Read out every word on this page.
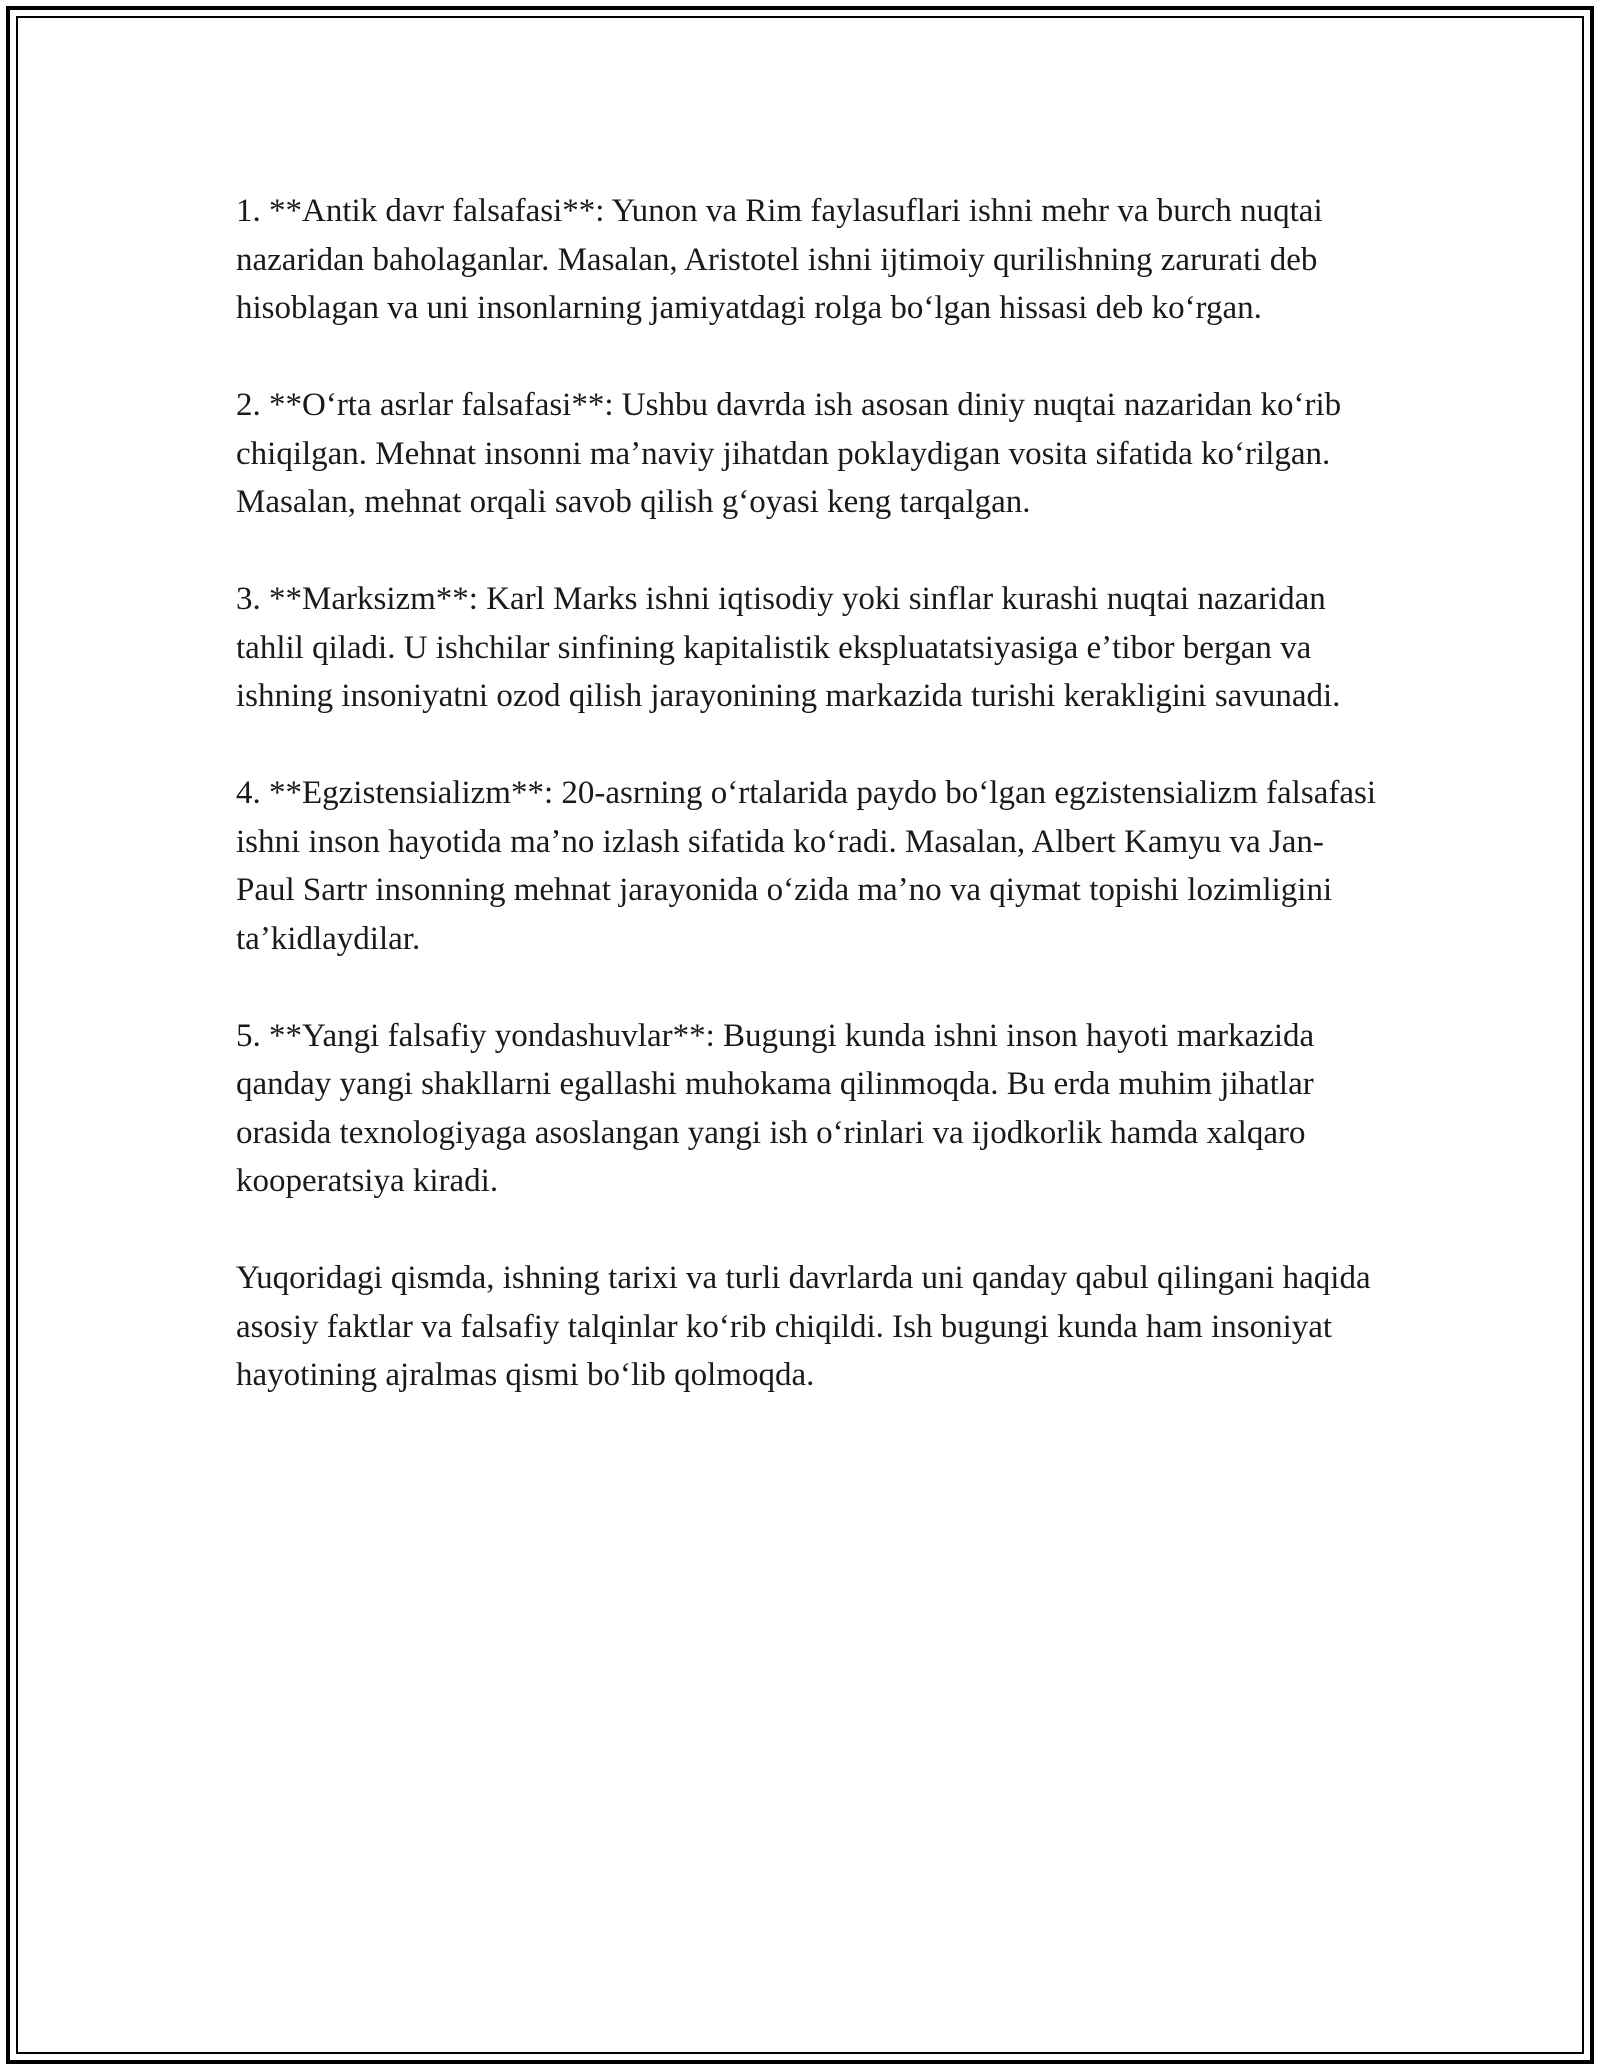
1. **Antik davr falsafasi**: Yunon va Rim faylasuflari ishni mehr va burch nuqtai nazaridan baholaganlar. Masalan, Aristotel ishni ijtimoiy qurilishning zarurati deb hisoblagan va uni insonlarning jamiyatdagi rolga boʻlgan hissasi deb koʻrgan.

2. **Oʻrta asrlar falsafasi**: Ushbu davrda ish asosan diniy nuqtai nazaridan koʻrib chiqilgan. Mehnat insonni maʼnaviy jihatdan poklaydigan vosita sifatida koʻrilgan. Masalan, mehnat orqali savob qilish gʻoyasi keng tarqalgan.

3. **Marksizm**: Karl Marks ishni iqtisodiy yoki sinflar kurashi nuqtai nazaridan tahlil qiladi. U ishchilar sinfining kapitalistik ekspluatatsiyasiga eʼtibor bergan va ishning insoniyatni ozod qilish jarayonining markazida turishi kerakligini savunadi.

4. **Egzistensializm**: 20-asrning oʻrtalarida paydo boʻlgan egzistensializm falsafasi ishni inson hayotida maʼno izlash sifatida koʻradi. Masalan, Albert Kamyu va Jan-Paul Sartr insonning mehnat jarayonida oʻzida maʼno va qiymat topishi lozimligini taʼkidlaydilar.

5. **Yangi falsafiy yondashuvlar**: Bugungi kunda ishni inson hayoti markazida qanday yangi shakllarni egallashi muhokama qilinmoqda. Bu erda muhim jihatlar orasida texnologiyaga asoslangan yangi ish oʻrinlari va ijodkorlik hamda xalqaro kooperatsiya kiradi.

Yuqoridagi qismda, ishning tarixi va turli davrlarda uni qanday qabul qilingani haqida asosiy faktlar va falsafiy talqinlar koʻrib chiqildi. Ish bugungi kunda ham insoniyat hayotining ajralmas qismi boʻlib qolmoqda.
